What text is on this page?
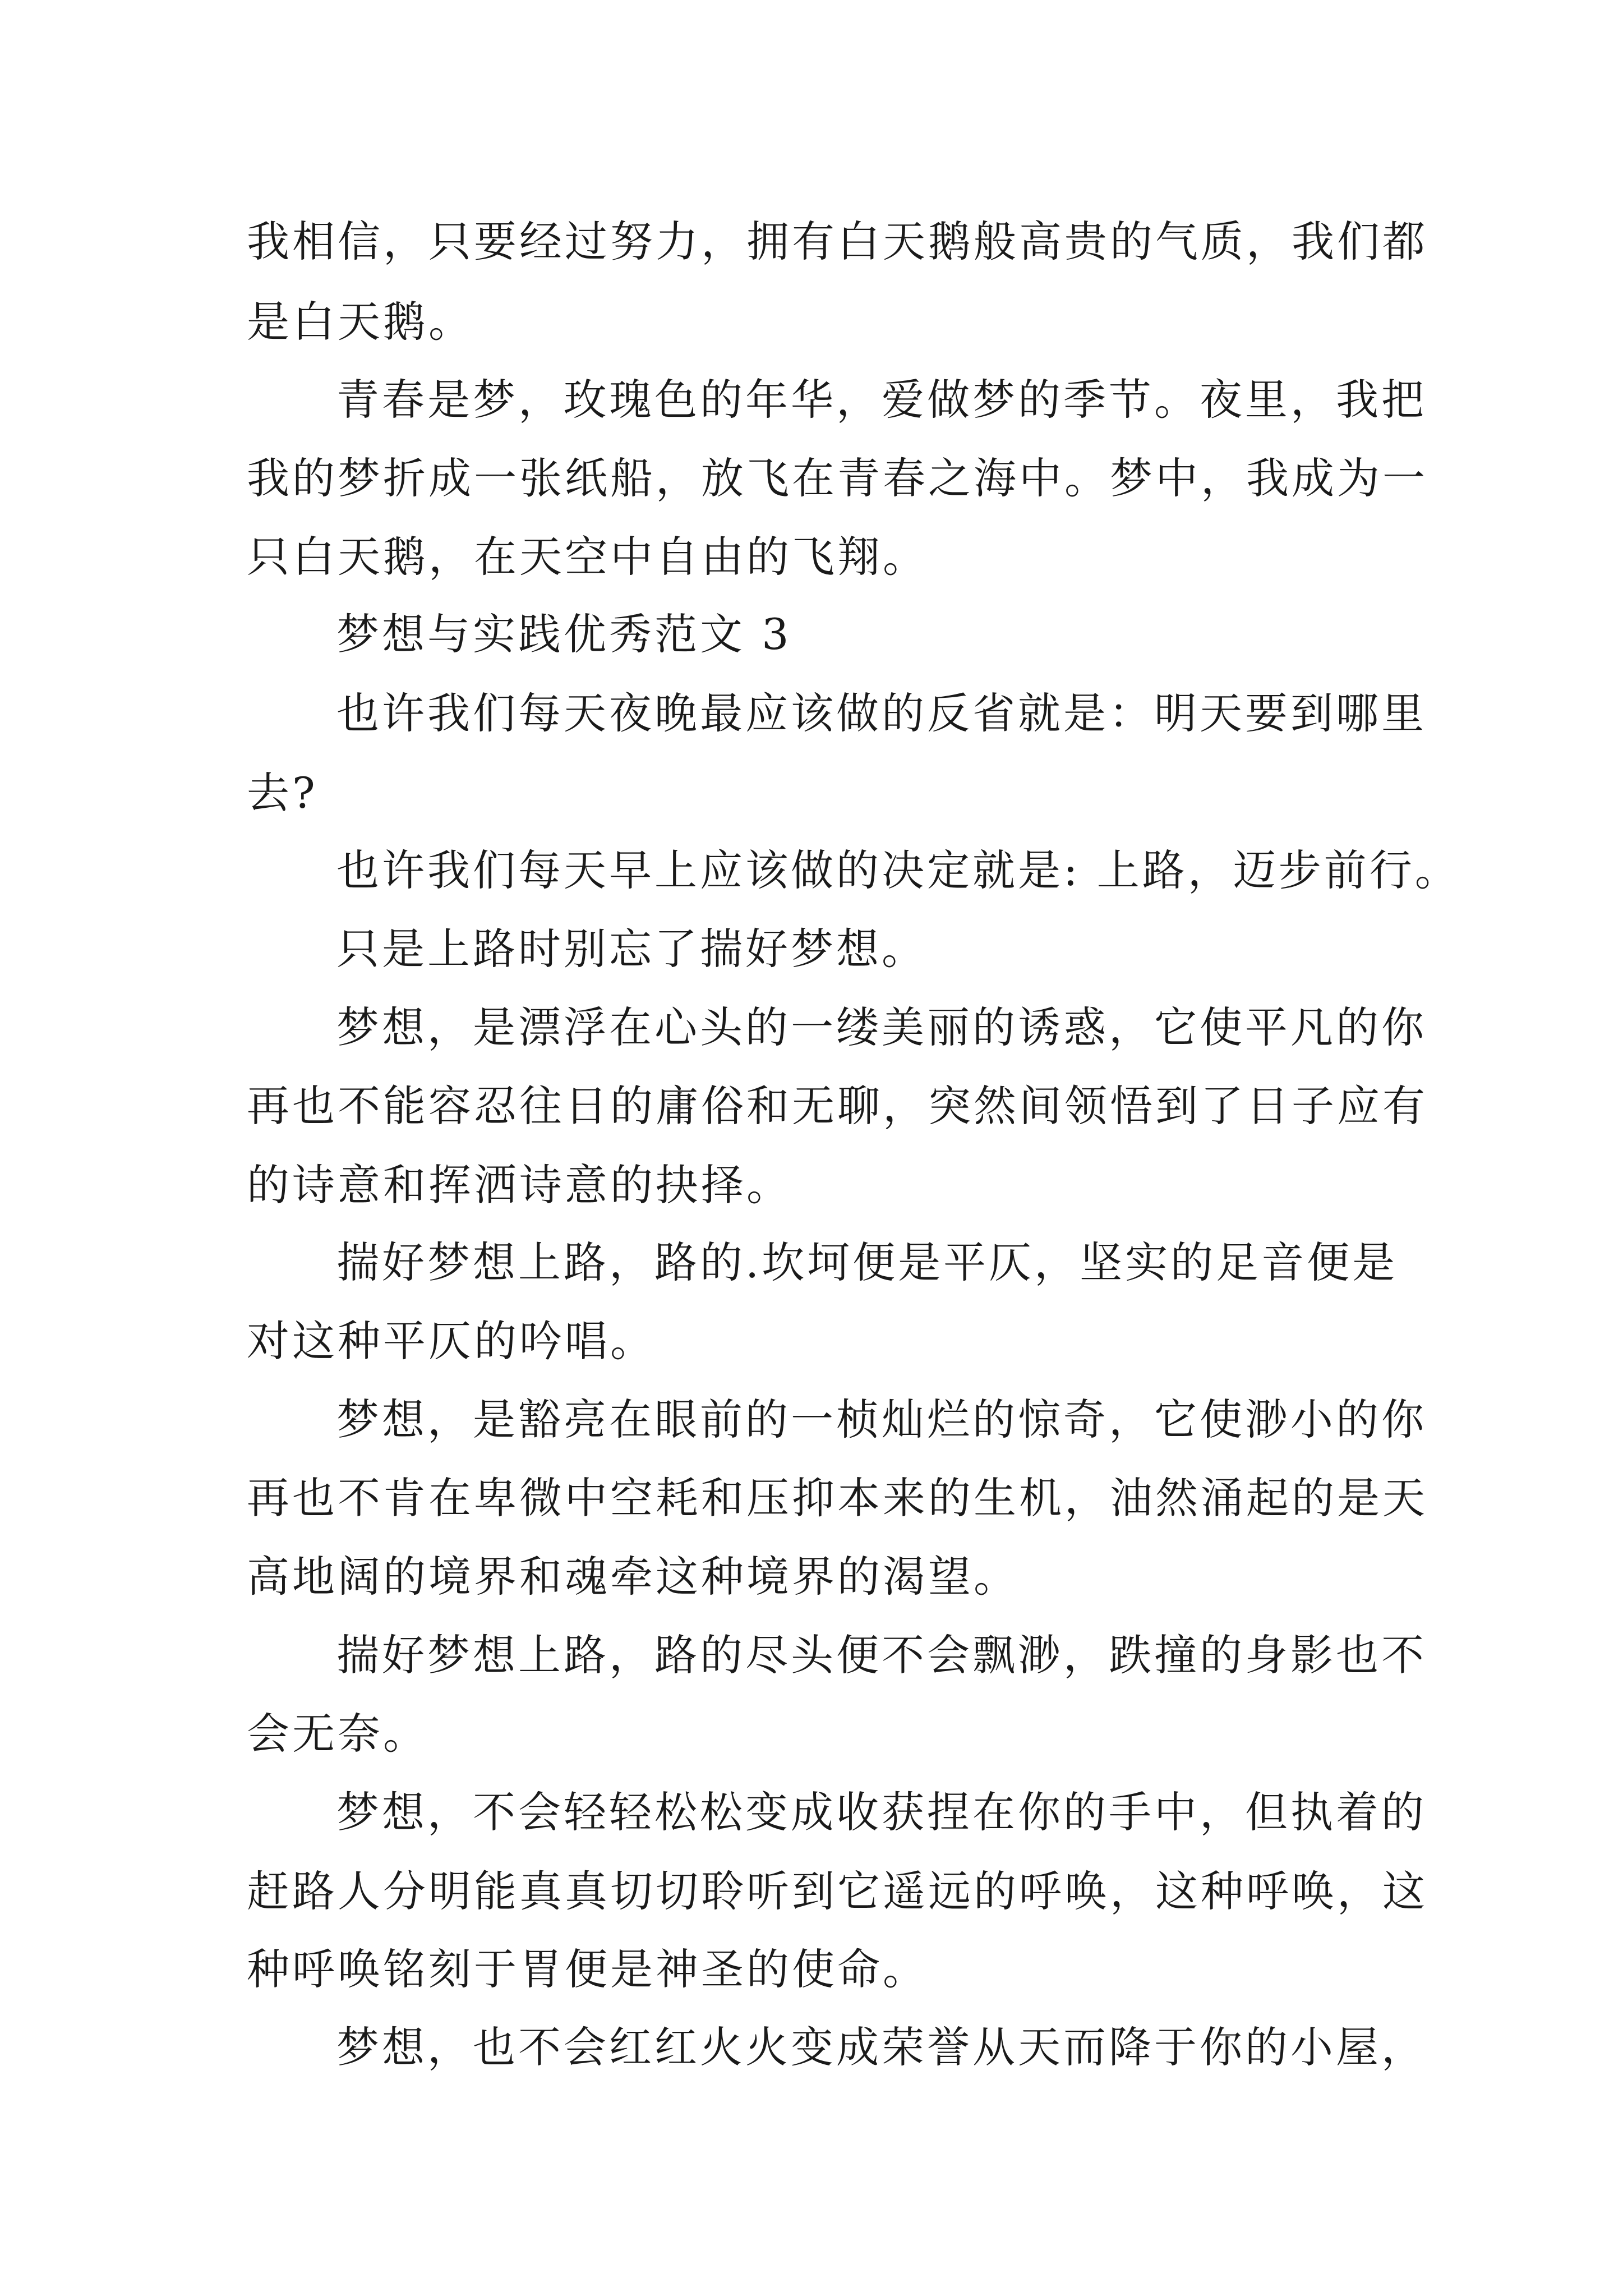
我相信，只要经过努力，拥有白天鹅般高贵的气质，我们都
是白天鹅。
青春是梦，玫瑰色的年华，爱做梦的季节。夜里，我把
我的梦折成一张纸船，放飞在青春之海中。梦中，我成为一
只白天鹅，在天空中自由的飞翔。
梦想与实践优秀范文 3
也许我们每天夜晚最应该做的反省就是：明天要到哪里
去?
也许我们每天早上应该做的决定就是: 上路，迈步前行。
只是上路时别忘了揣好梦想。
梦想，是漂浮在心头的一缕美丽的诱惑，它使平凡的你
再也不能容忍往日的庸俗和无聊，突然间领悟到了日子应有
的诗意和挥洒诗意的抉择。
揣好梦想上路，路的.坎坷便是平仄，坚实的足音便是
对这种平仄的吟唱。
梦想，是豁亮在眼前的一桢灿烂的惊奇，它使渺小的你
再也不肯在卑微中空耗和压抑本来的生机，油然涌起的是天
高地阔的境界和魂牵这种境界的渴望。
揣好梦想上路，路的尽头便不会飘渺，跌撞的身影也不
会无奈。
梦想，不会轻轻松松变成收获捏在你的手中，但执着的
赶路人分明能真真切切聆听到它遥远的呼唤，这种呼唤，这
种呼唤铭刻于胃便是神圣的使命。
梦想，也不会红红火火变成荣誉从天而降于你的小屋，
